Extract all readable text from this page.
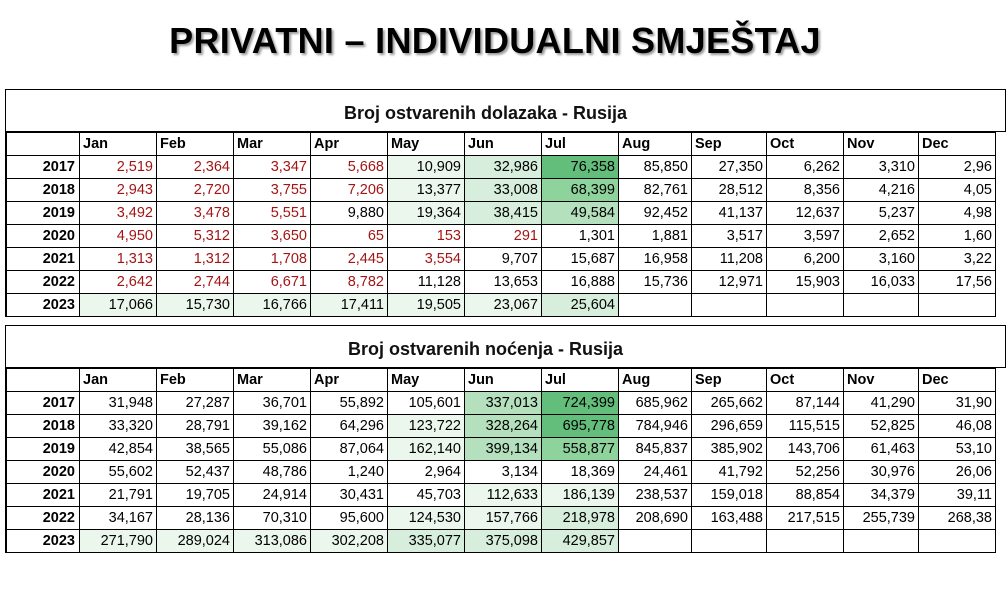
PRIVATNI – INDIVIDUALNI SMJEŠTAJ
Broj ostvarenih dolazaka - Rusija
	Jan	Feb	Mar	Apr	May	Jun	Jul	Aug	Sep	Oct	Nov	Dec
2017	2,519	2,364	3,347	5,668	10,909	32,986	76,358	85,850	27,350	6,262	3,310	2,96
2018	2,943	2,720	3,755	7,206	13,377	33,008	68,399	82,761	28,512	8,356	4,216	4,05
2019	3,492	3,478	5,551	9,880	19,364	38,415	49,584	92,452	41,137	12,637	5,237	4,98
2020	4,950	5,312	3,650	65	153	291	1,301	1,881	3,517	3,597	2,652	1,60
2021	1,313	1,312	1,708	2,445	3,554	9,707	15,687	16,958	11,208	6,200	3,160	3,22
2022	2,642	2,744	6,671	8,782	11,128	13,653	16,888	15,736	12,971	15,903	16,033	17,56
2023	17,066	15,730	16,766	17,411	19,505	23,067	25,604					
Broj ostvarenih noćenja - Rusija
	Jan	Feb	Mar	Apr	May	Jun	Jul	Aug	Sep	Oct	Nov	Dec
2017	31,948	27,287	36,701	55,892	105,601	337,013	724,399	685,962	265,662	87,144	41,290	31,90
2018	33,320	28,791	39,162	64,296	123,722	328,264	695,778	784,946	296,659	115,515	52,825	46,08
2019	42,854	38,565	55,086	87,064	162,140	399,134	558,877	845,837	385,902	143,706	61,463	53,10
2020	55,602	52,437	48,786	1,240	2,964	3,134	18,369	24,461	41,792	52,256	30,976	26,06
2021	21,791	19,705	24,914	30,431	45,703	112,633	186,139	238,537	159,018	88,854	34,379	39,11
2022	34,167	28,136	70,310	95,600	124,530	157,766	218,978	208,690	163,488	217,515	255,739	268,38
2023	271,790	289,024	313,086	302,208	335,077	375,098	429,857					
